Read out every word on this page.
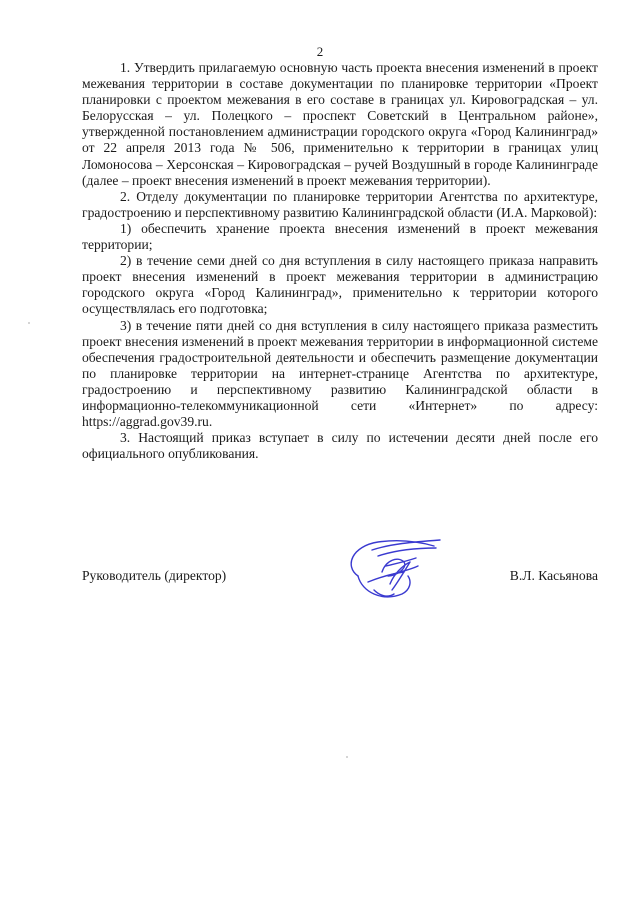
2

1. Утвердить прилагаемую основную часть проекта внесения изменений в проект межевания территории в составе документации по планировке территории «Проект планировки с проектом межевания в его составе в границах ул. Кировоградская – ул. Белорусская – ул. Полецкого – проспект Советский в Центральном районе», утвержденной постановлением администрации городского округа «Город Калининград» от 22 апреля 2013 года № 506, применительно к территории в границах улиц Ломоносова – Херсонская – Кировоградская – ручей Воздушный в городе Калининграде (далее – проект внесения изменений в проект межевания территории).

2. Отделу документации по планировке территории Агентства по архитектуре, градостроению и перспективному развитию Калининградской области (И.А. Марковой):

1) обеспечить хранение проекта внесения изменений в проект межевания территории;

2) в течение семи дней со дня вступления в силу настоящего приказа направить проект внесения изменений в проект межевания территории в администрацию городского округа «Город Калининград», применительно к территории которого осуществлялась его подготовка;

3) в течение пяти дней со дня вступления в силу настоящего приказа разместить проект внесения изменений в проект межевания территории в информационной системе обеспечения градостроительной деятельности и обеспечить размещение документации по планировке территории на интернет-странице Агентства по архитектуре, градостроению и перспективному развитию Калининградской области в информационно-телекоммуникационной сети «Интернет» по адресу: https://aggrad.gov39.ru.

3. Настоящий приказ вступает в силу по истечении десяти дней после его официального опубликования.

Руководитель (директор)	В.Л. Касьянова
